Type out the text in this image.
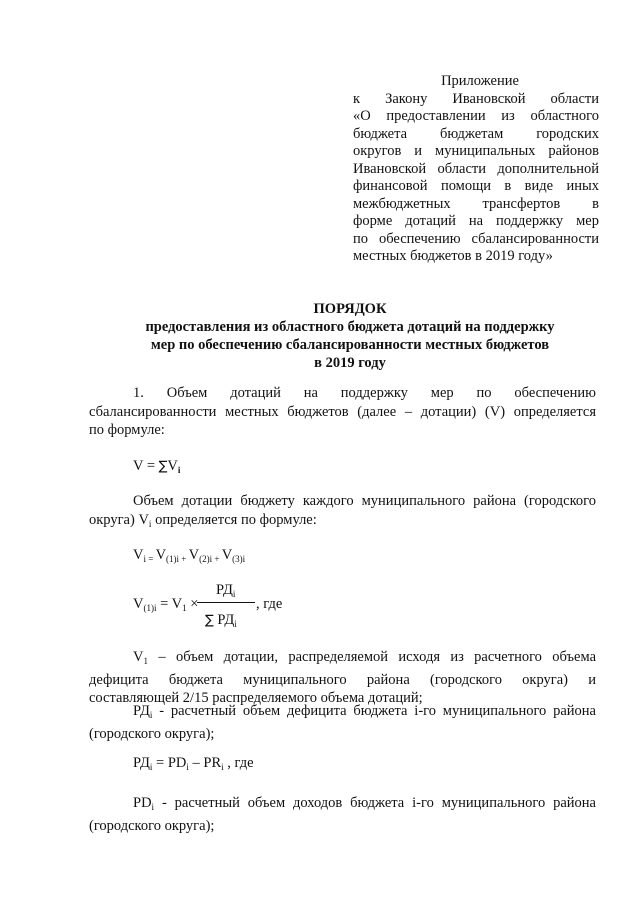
Приложение
к Закону Ивановской области
«О предоставлении из областного
бюджета бюджетам городских
округов и муниципальных районов
Ивановской области дополнительной
финансовой помощи в виде иных
межбюджетных трансфертов в
форме дотаций на поддержку мер
по обеспечению сбалансированности
местных бюджетов в 2019 году»
ПОРЯДОК
предоставления из областного бюджета дотаций на поддержку
мер по обеспечению сбалансированности местных бюджетов
в 2019 году
1. Объем дотаций на поддержку мер по обеспечению
сбалансированности местных бюджетов (далее – дотации) (V) определяется
по формуле:
$V = \sum V_i$
Объем дотации бюджету каждого муниципального района (городского
округа) $V_i$ определяется по формуле:
$V_{i =}$ $V_{(1)i +}$ $V_{(2)i +}$ $V_{(3)i}$
$V_{(1)i} = V_1$ ×
$РД_i$
∑ $РД_i$
, где
$V_1$ – объем дотации, распределяемой исходя из расчетного объема
дефицита бюджета муниципального района (городского округа) и
составляющей 2/15 распределяемого объема дотаций;
$РД_i$ - расчетный объем дефицита бюджета i-го муниципального района
(городского округа);
$РД_i = PD_i - PR_i$ , где
$PD_i$ - расчетный объем доходов бюджета i-го муниципального района
(городского округа);
